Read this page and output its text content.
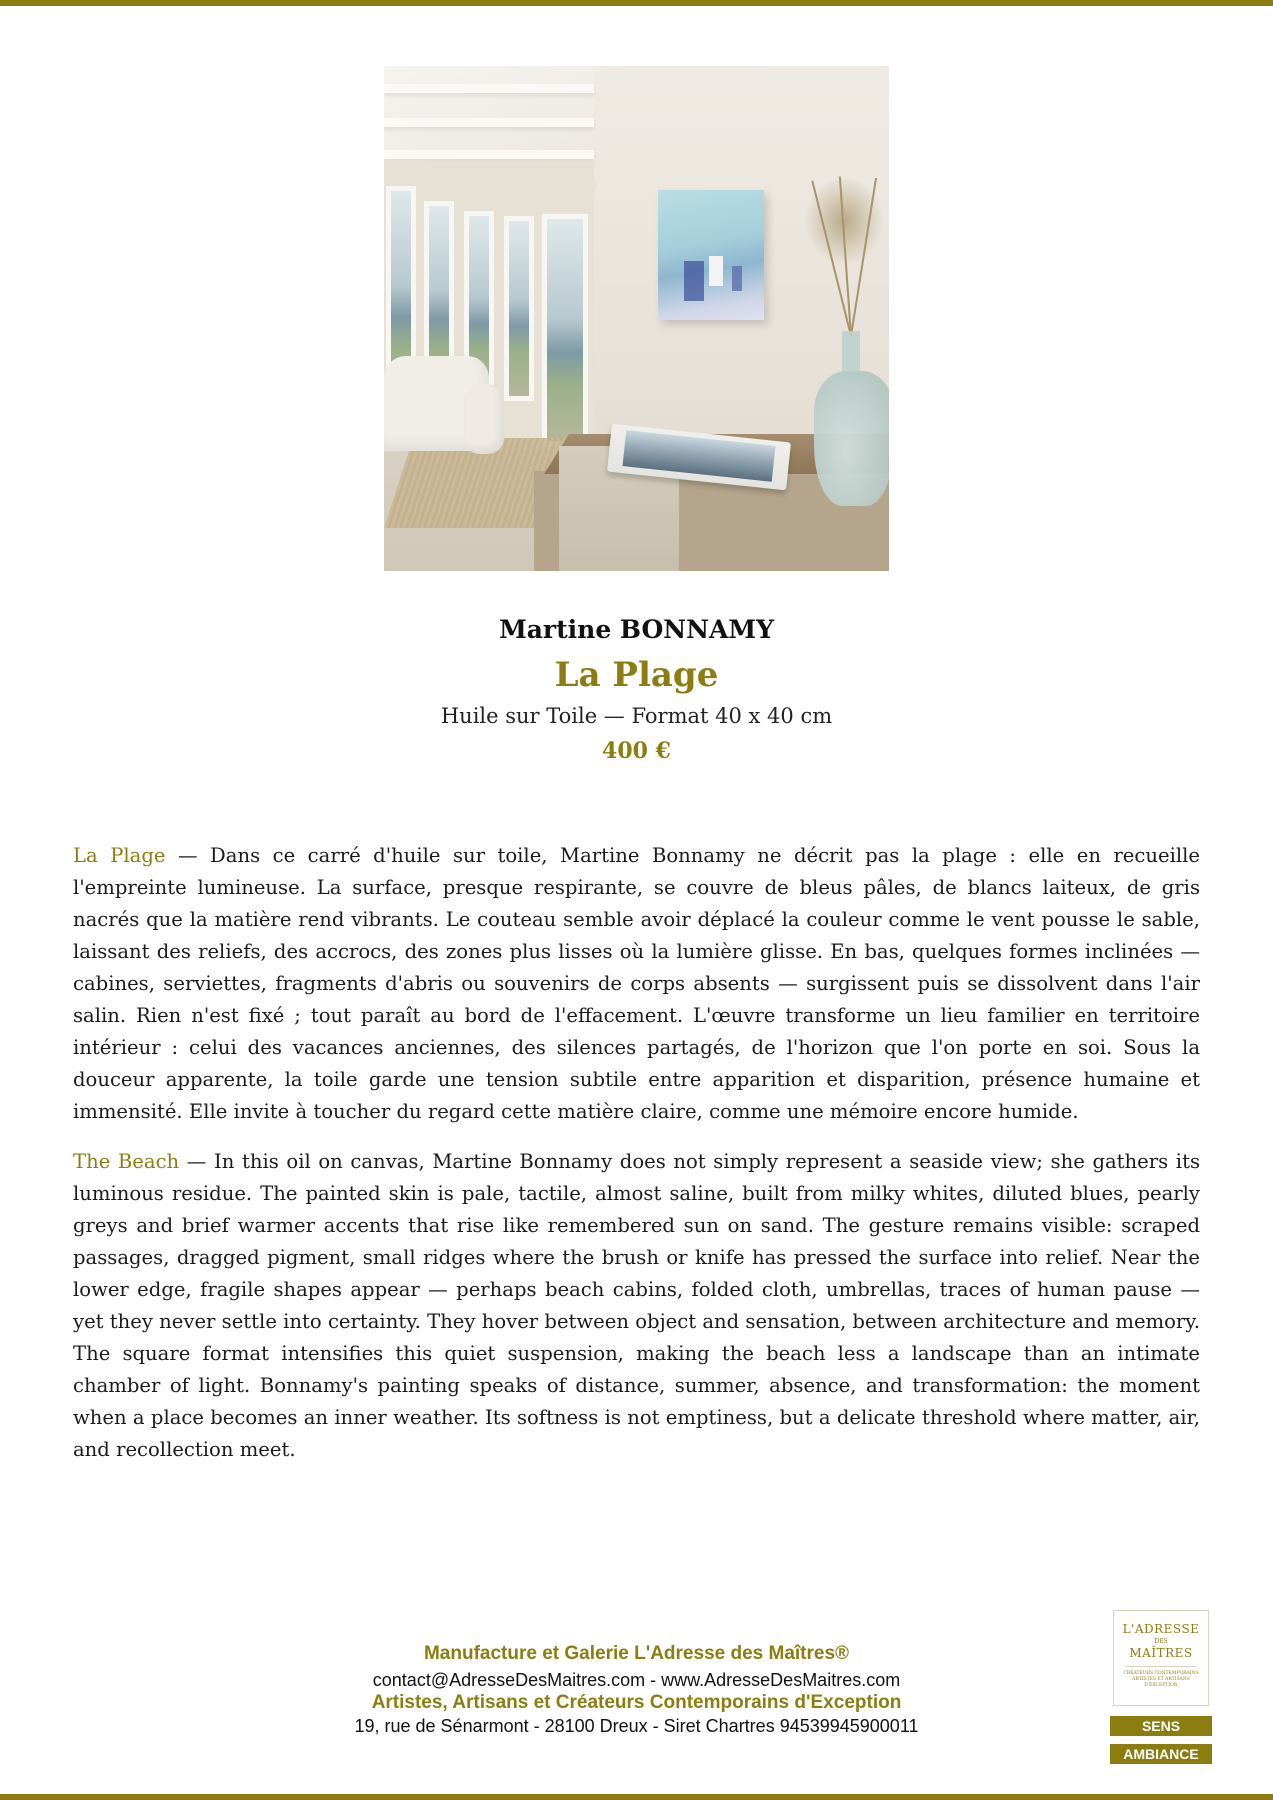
Martine BONNAMY
La Plage
Huile sur Toile — Format 40 x 40 cm
400 €

La Plage — Dans ce carré d'huile sur toile, Martine Bonnamy ne décrit pas la plage : elle en recueille l'empreinte lumineuse. La surface, presque respirante, se couvre de bleus pâles, de blancs laiteux, de gris nacrés que la matière rend vibrants. Le couteau semble avoir déplacé la couleur comme le vent pousse le sable, laissant des reliefs, des accrocs, des zones plus lisses où la lumière glisse. En bas, quelques formes inclinées — cabines, serviettes, fragments d'abris ou souvenirs de corps absents — surgissent puis se dissolvent dans l'air salin. Rien n'est fixé ; tout paraît au bord de l'effacement. L'œuvre transforme un lieu familier en territoire intérieur : celui des vacances anciennes, des silences partagés, de l'horizon que l'on porte en soi. Sous la douceur apparente, la toile garde une tension subtile entre apparition et disparition, présence humaine et immensité. Elle invite à toucher du regard cette matière claire, comme une mémoire encore humide.

The Beach — In this oil on canvas, Martine Bonnamy does not simply represent a seaside view; she gathers its luminous residue. The painted skin is pale, tactile, almost saline, built from milky whites, diluted blues, pearly greys and brief warmer accents that rise like remembered sun on sand. The gesture remains visible: scraped passages, dragged pigment, small ridges where the brush or knife has pressed the surface into relief. Near the lower edge, fragile shapes appear — perhaps beach cabins, folded cloth, umbrellas, traces of human pause — yet they never settle into certainty. They hover between object and sensation, between architecture and memory. The square format intensifies this quiet suspension, making the beach less a landscape than an intimate chamber of light. Bonnamy's painting speaks of distance, summer, absence, and transformation: the moment when a place becomes an inner weather. Its softness is not emptiness, but a delicate threshold where matter, air, and recollection meet.

Manufacture et Galerie L'Adresse des Maîtres®
contact@AdresseDesMaitres.com - www.AdresseDesMaitres.com
Artistes, Artisans et Créateurs Contemporains d'Exception
19, rue de Sénarmont - 28100 Dreux - Siret Chartres 94539945900011
L'ADRESSE
DES
MAÎTRES
CRÉATEURS CONTEMPORAINS ARTISTES ET ARTISANS D'EXCEPTION
SENS
AMBIANCE
